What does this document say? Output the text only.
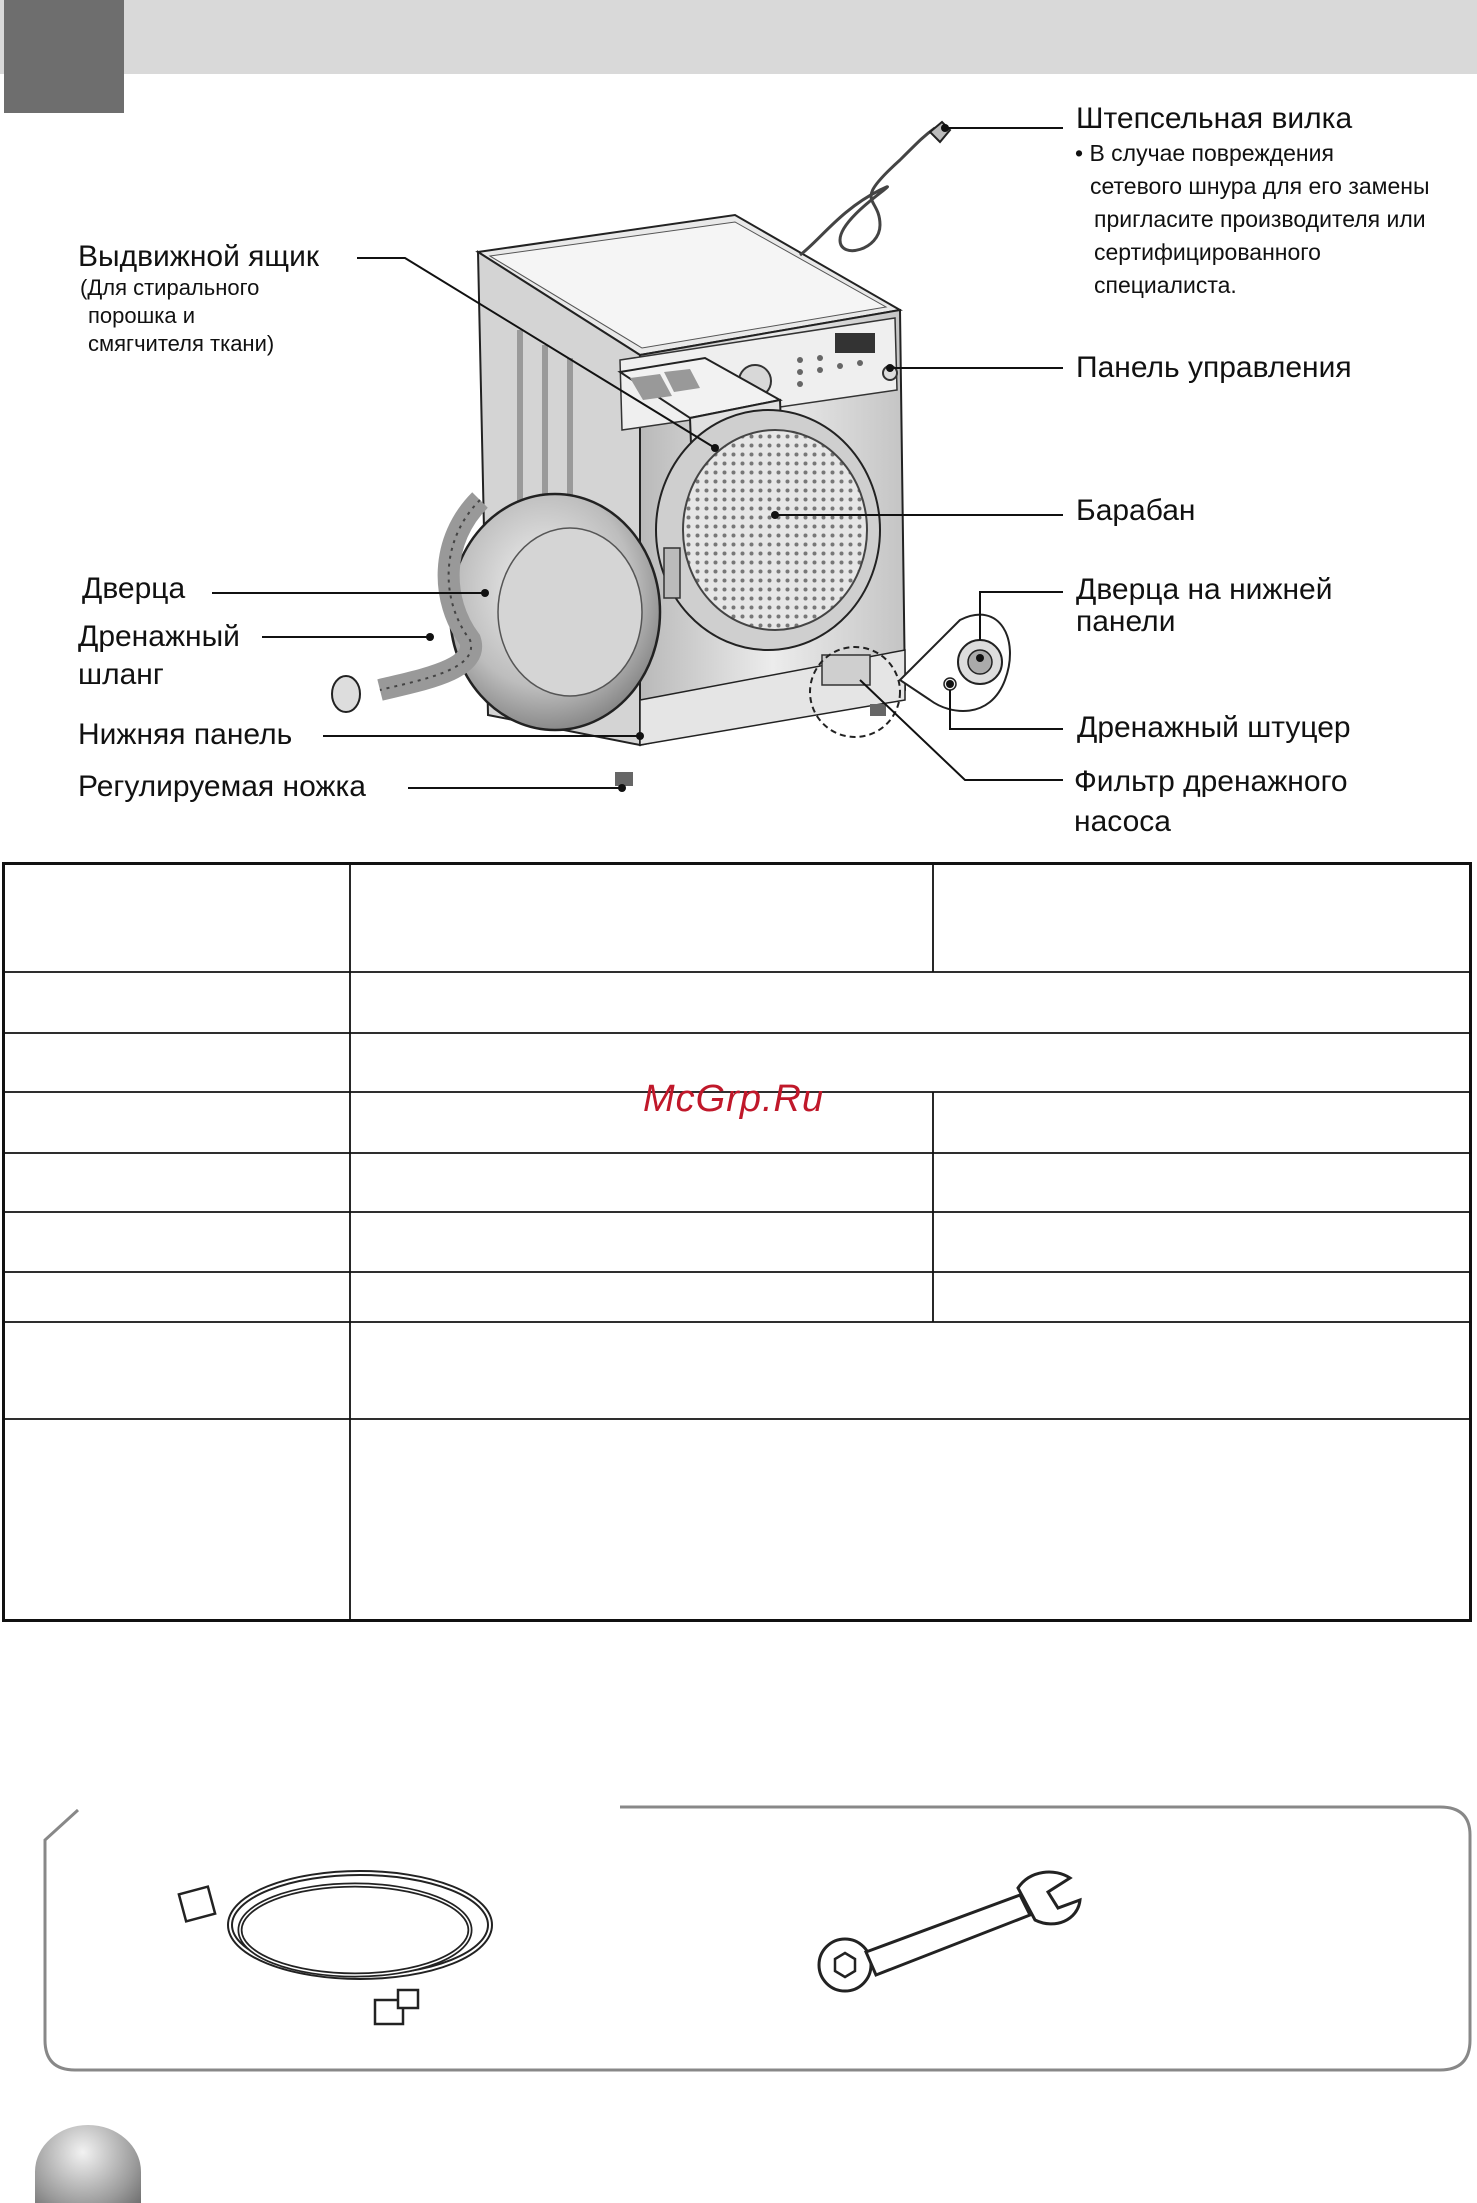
Штепсельная вилка
• В случае повреждения
сетевого шнура для его замены
пригласите производителя или
сертифицированного
специалиста.
Выдвижной ящик
(Для стирального
порошка и
смягчителя ткани)
Панель управления
Барабан
Дверца
Дренажный
шланг
Нижняя панель
Регулируемая ножка
Дверца на нижней
панели
Дренажный штуцер
Фильтр дренажного
насоса
McGrp.Ru
